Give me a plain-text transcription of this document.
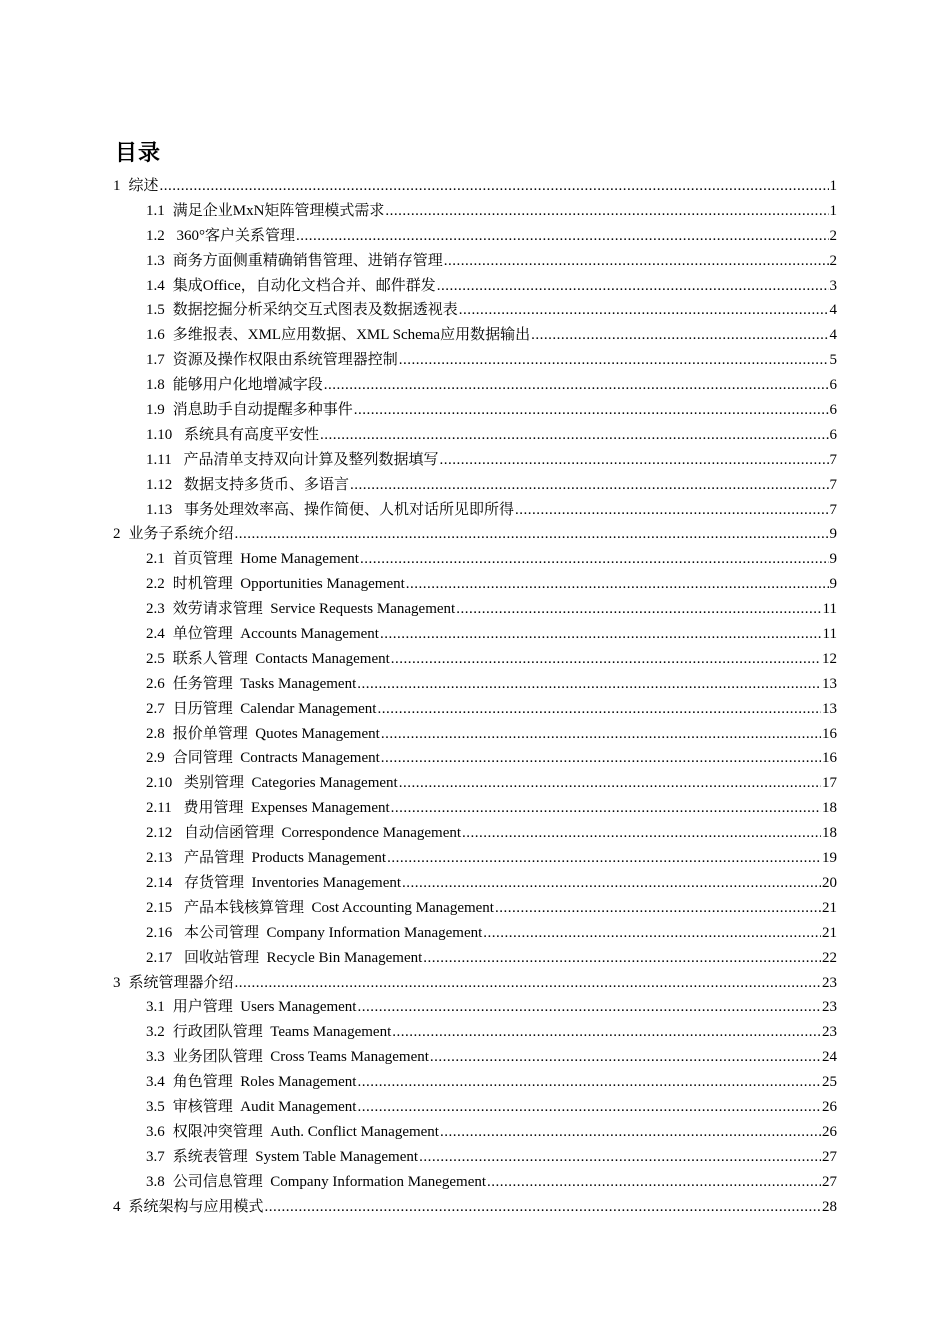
目录
1 综述 .....	1
1.1 满足企业MxN矩阵管理模式需求 .....	1
1.2 360°客户关系管理 .....	2
1.3 商务方面侧重精确销售管理、进销存管理 .....	2
1.4 集成Office，自动化文档合并、邮件群发 .....	3
1.5 数据挖掘分析采纳交互式图表及数据透视表 .....	4
1.6 多维报表、XML应用数据、XML Schema应用数据输出 .....	4
1.7 资源及操作权限由系统管理器控制 .....	5
1.8 能够用户化地增减字段 .....	6
1.9 消息助手自动提醒多种事件 .....	6
1.10 系统具有高度平安性 .....	6
1.11 产品清单支持双向计算及整列数据填写 .....	7
1.12 数据支持多货币、多语言 .....	7
1.13 事务处理效率高、操作简便、人机对话所见即所得 .....	7
2 业务子系统介绍 .....	9
2.1 首页管理  Home Management .....	9
2.2 时机管理  Opportunities Management .....	9
2.3 效劳请求管理  Service Requests Management .....	11
2.4 单位管理  Accounts Management .....	11
2.5 联系人管理  Contacts Management .....	12
2.6 任务管理  Tasks Management .....	13
2.7 日历管理  Calendar Management .....	13
2.8 报价单管理  Quotes Management .....	16
2.9 合同管理  Contracts Management .....	16
2.10 类别管理  Categories Management .....	17
2.11 费用管理  Expenses Management .....	18
2.12 自动信函管理  Correspondence Management .....	18
2.13 产品管理  Products Management .....	19
2.14 存货管理  Inventories Management .....	20
2.15 产品本钱核算管理  Cost Accounting Management .....	21
2.16 本公司管理  Company Information Management .....	21
2.17 回收站管理  Recycle Bin Management .....	22
3 系统管理器介绍 .....	23
3.1 用户管理  Users Management .....	23
3.2 行政团队管理  Teams Management .....	23
3.3 业务团队管理  Cross Teams Management .....	24
3.4 角色管理  Roles Management .....	25
3.5 审核管理  Audit Management .....	26
3.6 权限冲突管理  Auth. Conflict Management .....	26
3.7 系统表管理  System Table Management .....	27
3.8 公司信息管理  Company Information Manegement .....	27
4 系统架构与应用模式 .....	28
